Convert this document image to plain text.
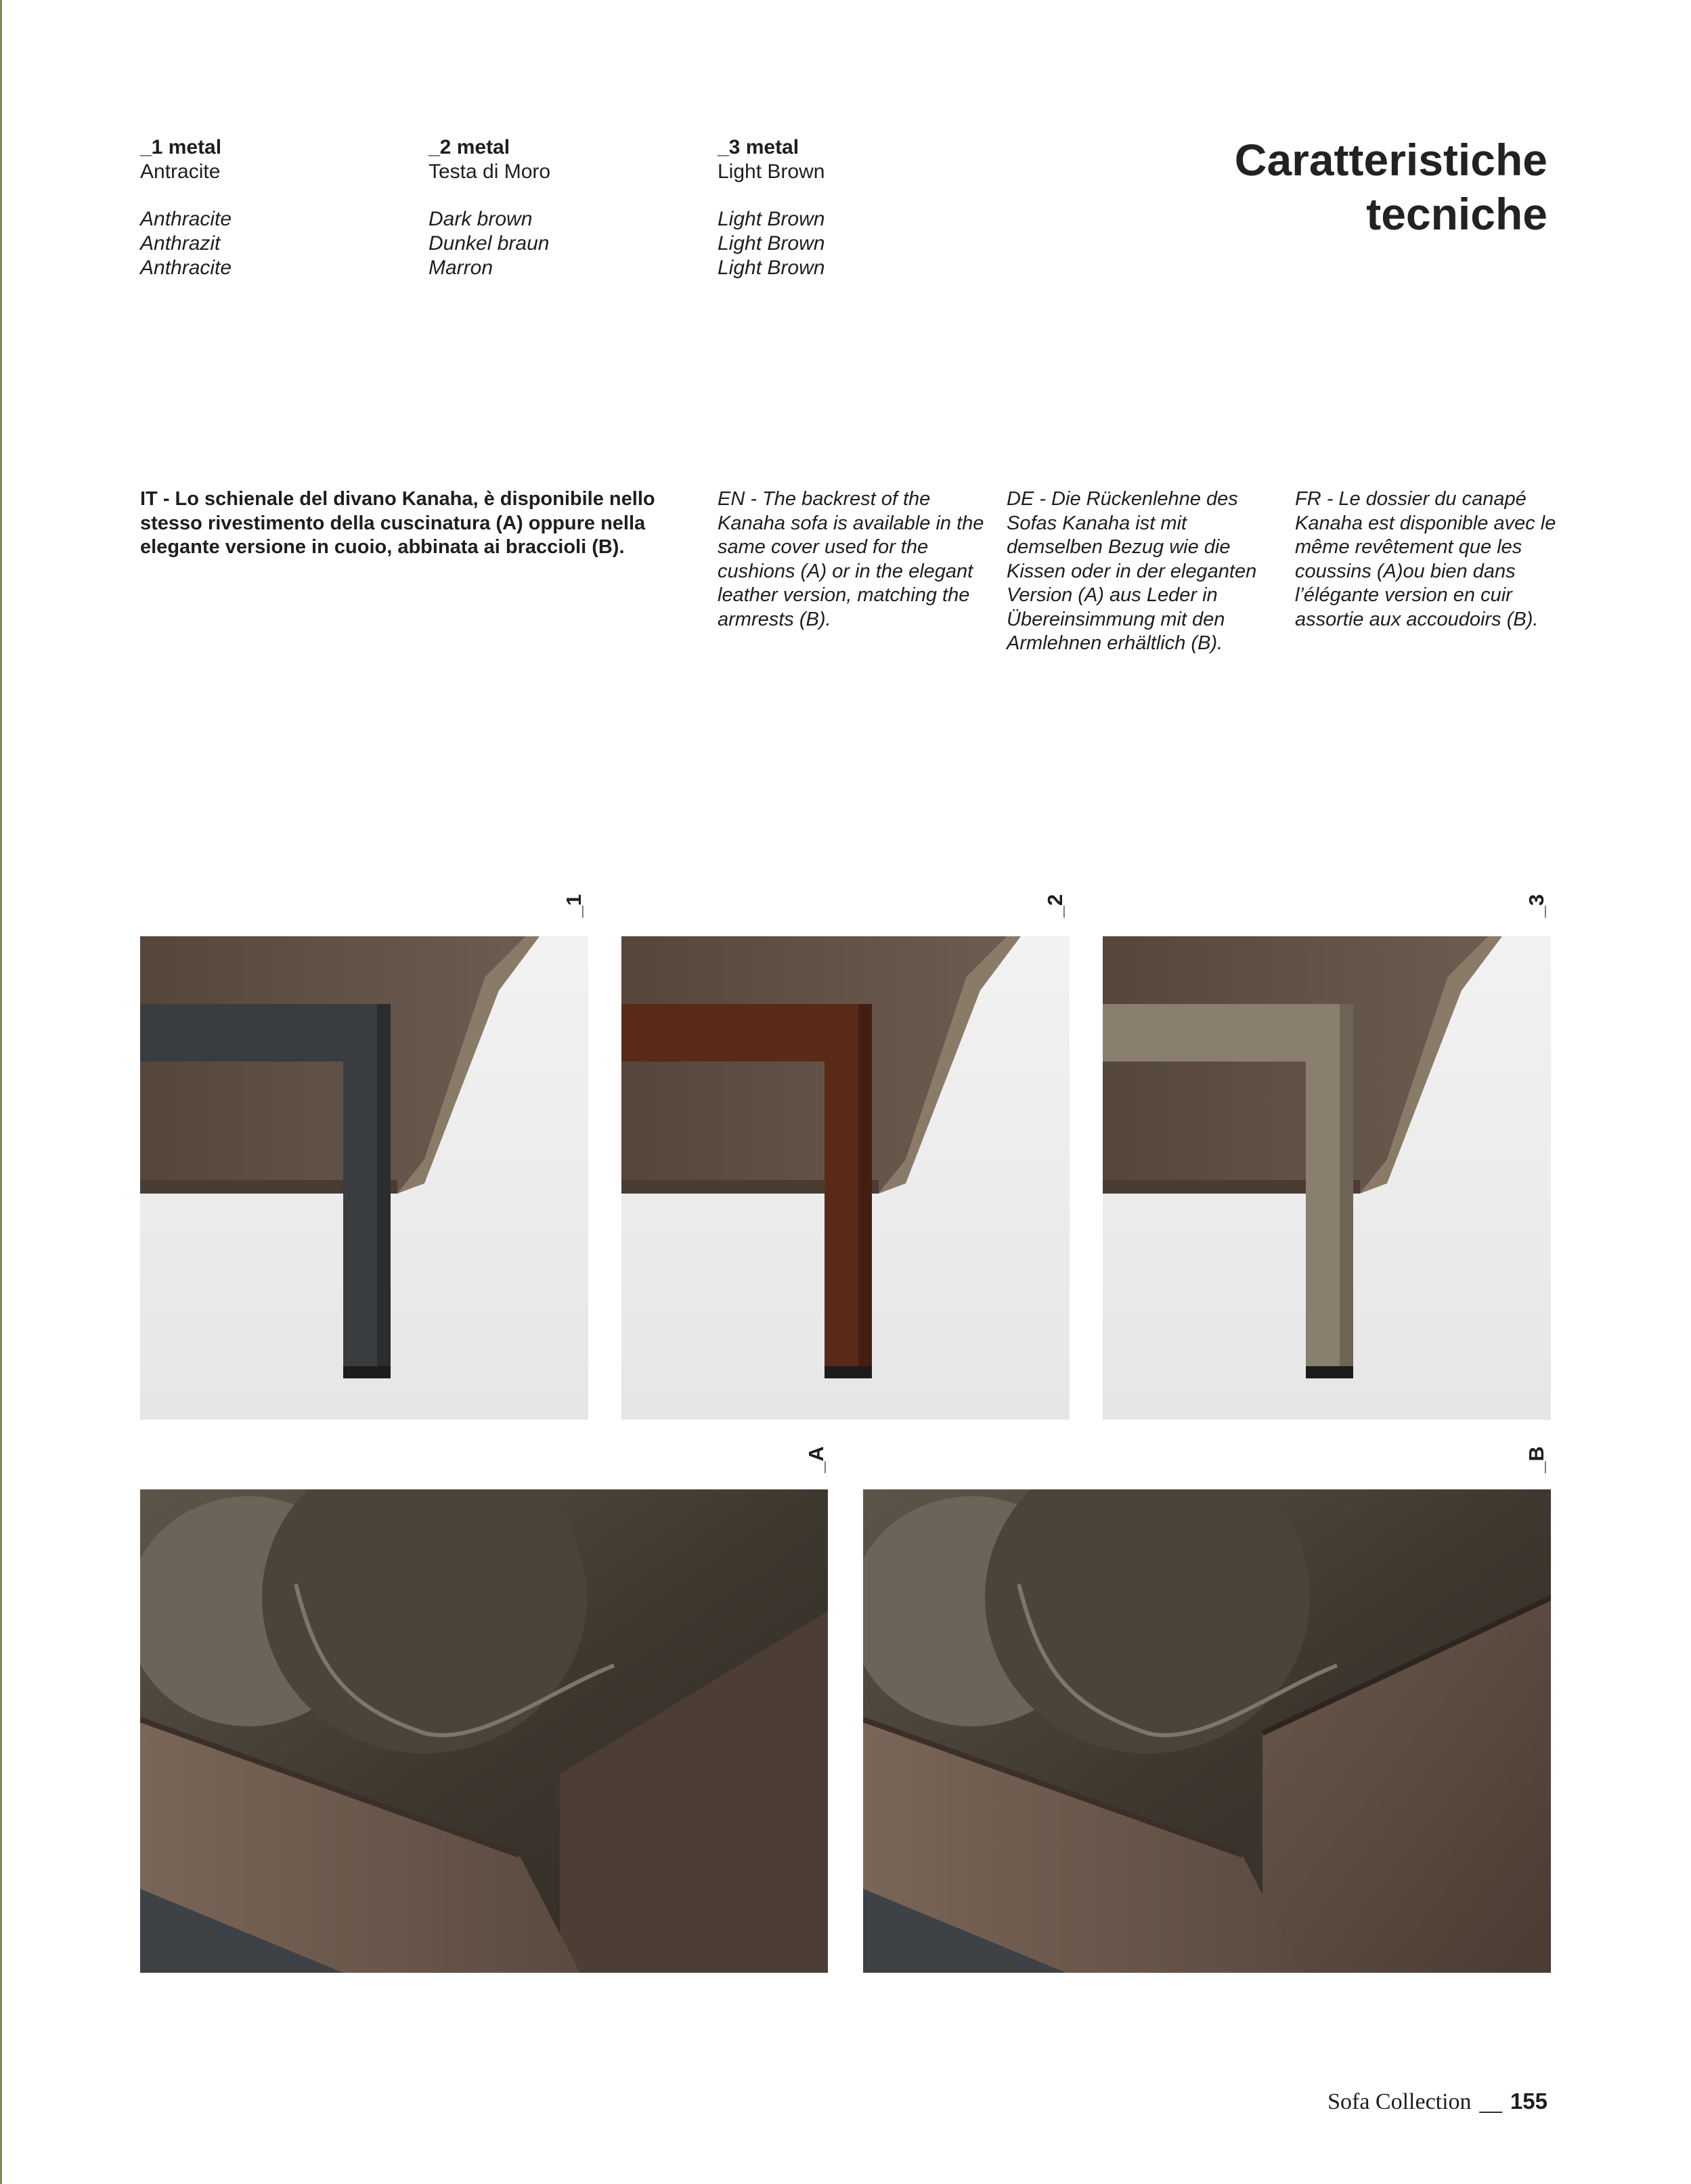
_1 metal
Antracite
Anthracite
Anthrazit
Anthracite
_2 metal
Testa di Moro
Dark brown
Dunkel braun
Marron
_3 metal
Light Brown
Light Brown
Light Brown
Light Brown
Caratteristiche
tecniche

IT - Lo schienale del divano Kanaha, è disponibile nello stesso rivestimento della cuscinatura (A) oppure nella elegante versione in cuoio, abbinata ai braccioli (B).

EN - The backrest of the Kanaha sofa is available in the same cover used for the cushions (A) or in the elegant leather version, matching the armrests (B).

DE - Die Rückenlehne des Sofas Kanaha ist mit demselben Bezug wie die Kissen oder in der eleganten Version (A) aus Leder in Übereinsimmung mit den Armlehnen erhältlich (B).

FR - Le dossier du canapé Kanaha est disponible avec le même revêtement que les coussins (A)ou bien dans l’élégante version en cuir assortie aux accoudoirs (B).

_1	_2	_3
_A	_B
Sofa Collection __ 155
